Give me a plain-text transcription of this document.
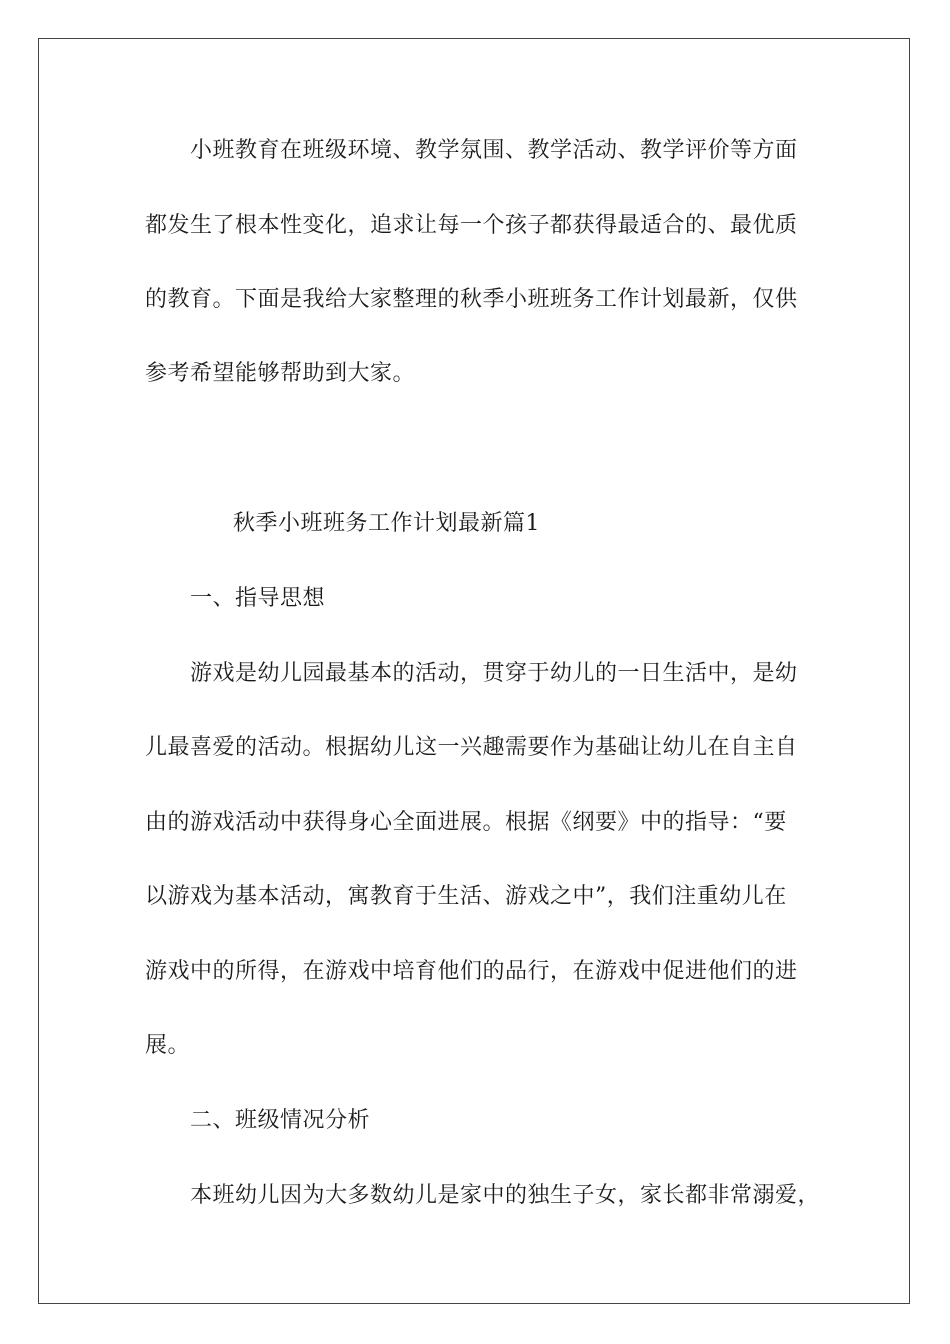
小班教育在班级环境、教学氛围、教学活动、教学评价等方面
都发生了根本性变化，追求让每一个孩子都获得最适合的、最优质
的教育。下面是我给大家整理的秋季小班班务工作计划最新，仅供
参考希望能够帮助到大家。
秋季小班班务工作计划最新篇1
一、指导思想
游戏是幼儿园最基本的活动，贯穿于幼儿的一日生活中，是幼
儿最喜爱的活动。根据幼儿这一兴趣需要作为基础让幼儿在自主自
由的游戏活动中获得身心全面进展。根据《纲要》中的指导：“要
以游戏为基本活动，寓教育于生活、游戏之中”，我们注重幼儿在
游戏中的所得，在游戏中培育他们的品行，在游戏中促进他们的进
展。
二、班级情况分析
本班幼儿因为大多数幼儿是家中的独生子女，家长都非常溺爱，
